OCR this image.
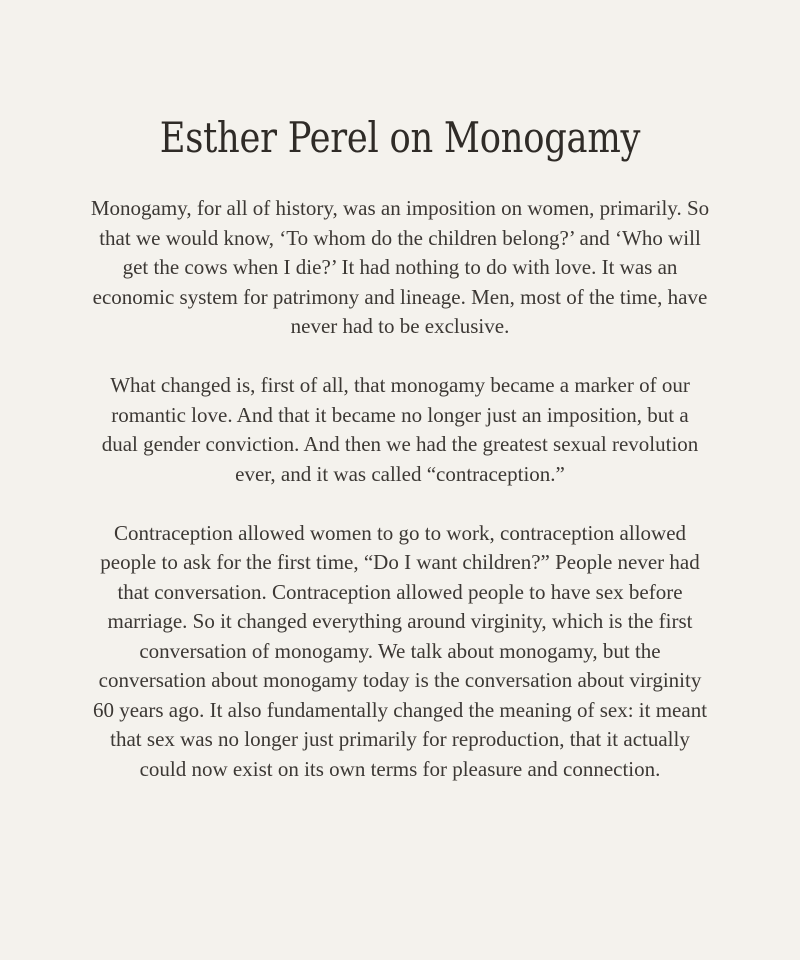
Esther Perel on Monogamy

Monogamy, for all of history, was an imposition on women, primarily. So
that we would know, ‘To whom do the children belong?’ and ‘Who will
get the cows when I die?’ It had nothing to do with love. It was an
economic system for patrimony and lineage. Men, most of the time, have
never had to be exclusive.

What changed is, first of all, that monogamy became a marker of our
romantic love. And that it became no longer just an imposition, but a
dual gender conviction. And then we had the greatest sexual revolution
ever, and it was called “contraception.”

Contraception allowed women to go to work, contraception allowed
people to ask for the first time, “Do I want children?” People never had
that conversation. Contraception allowed people to have sex before
marriage. So it changed everything around virginity, which is the first
conversation of monogamy. We talk about monogamy, but the
conversation about monogamy today is the conversation about virginity
60 years ago. It also fundamentally changed the meaning of sex: it meant
that sex was no longer just primarily for reproduction, that it actually
could now exist on its own terms for pleasure and connection.
